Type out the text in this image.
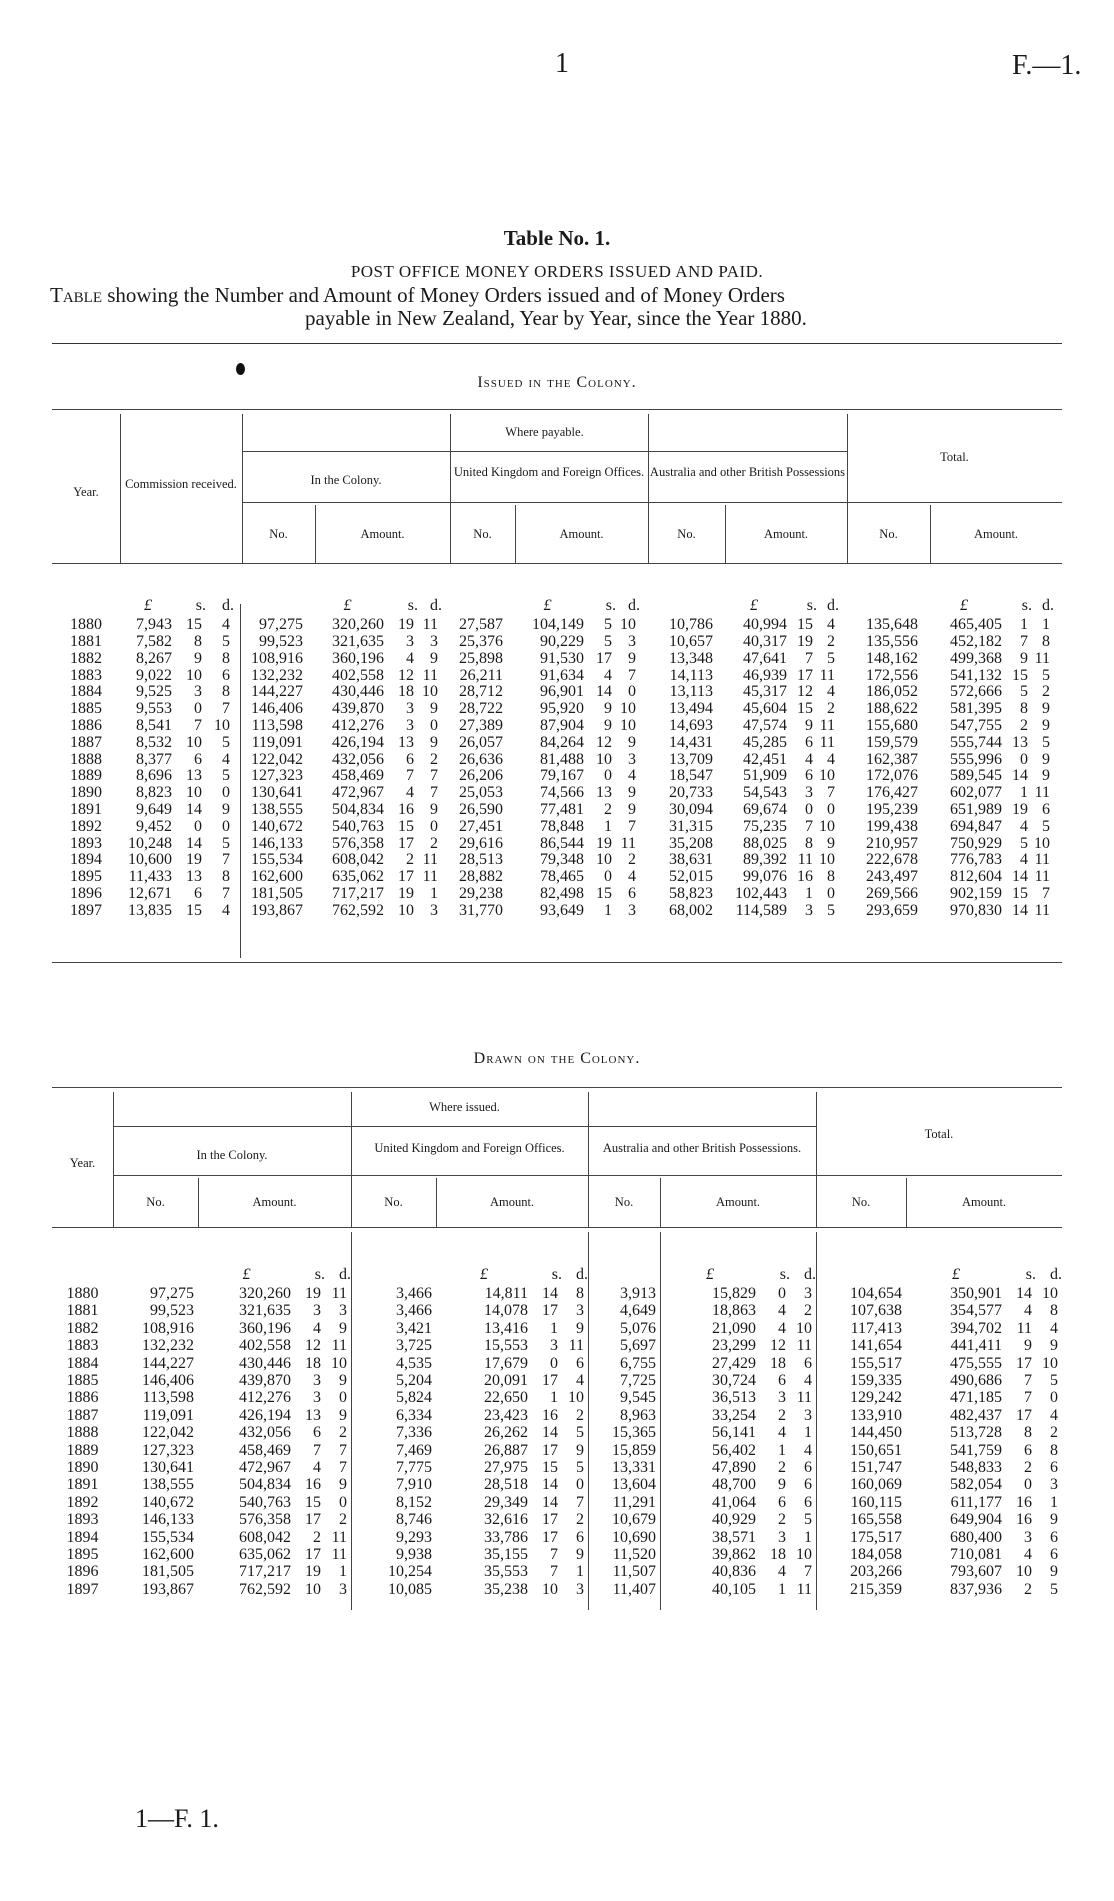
1	F.—1.
Table No. 1.
POST OFFICE MONEY ORDERS ISSUED AND PAID.
Table showing the Number and Amount of Money Orders issued and of Money Orders
payable in New Zealand, Year by Year, since the Year 1880.
Issued in the Colony.
Year.
Commission received.
Where payable.
In the Colony.
United Kingdom and Foreign Offices. Australia and other British Possessions
Total.
No.	Amount.	No.	Amount.	No.	Amount.	No.	Amount.
	£	s.	d.		£	s.	d.		£	s.	d.		£	s.	d.		£	s.	d.
1880	7,943	15	4	97,275	320,260	19	11	27,587	104,149	5	10	10,786	40,994	15	4	135,648	465,405	1	1
1881	7,582	8	5	99,523	321,635	3	3	25,376	90,229	5	3	10,657	40,317	19	2	135,556	452,182	7	8
1882	8,267	9	8	108,916	360,196	4	9	25,898	91,530	17	9	13,348	47,641	7	5	148,162	499,368	9	11
1883	9,022	10	6	132,232	402,558	12	11	26,211	91,634	4	7	14,113	46,939	17	11	172,556	541,132	15	5
1884	9,525	3	8	144,227	430,446	18	10	28,712	96,901	14	0	13,113	45,317	12	4	186,052	572,666	5	2
1885	9,553	0	7	146,406	439,870	3	9	28,722	95,920	9	10	13,494	45,604	15	2	188,622	581,395	8	9
1886	8,541	7	10	113,598	412,276	3	0	27,389	87,904	9	10	14,693	47,574	9	11	155,680	547,755	2	9
1887	8,532	10	5	119,091	426,194	13	9	26,057	84,264	12	9	14,431	45,285	6	11	159,579	555,744	13	5
1888	8,377	6	4	122,042	432,056	6	2	26,636	81,488	10	3	13,709	42,451	4	4	162,387	555,996	0	9
1889	8,696	13	5	127,323	458,469	7	7	26,206	79,167	0	4	18,547	51,909	6	10	172,076	589,545	14	9
1890	8,823	10	0	130,641	472,967	4	7	25,053	74,566	13	9	20,733	54,543	3	7	176,427	602,077	1	11
1891	9,649	14	9	138,555	504,834	16	9	26,590	77,481	2	9	30,094	69,674	0	0	195,239	651,989	19	6
1892	9,452	0	0	140,672	540,763	15	0	27,451	78,848	1	7	31,315	75,235	7	10	199,438	694,847	4	5
1893	10,248	14	5	146,133	576,358	17	2	29,616	86,544	19	11	35,208	88,025	8	9	210,957	750,929	5	10
1894	10,600	19	7	155,534	608,042	2	11	28,513	79,348	10	2	38,631	89,392	11	10	222,678	776,783	4	11
1895	11,433	13	8	162,600	635,062	17	11	28,882	78,465	0	4	52,015	99,076	16	8	243,497	812,604	14	11
1896	12,671	6	7	181,505	717,217	19	1	29,238	82,498	15	6	58,823	102,443	1	0	269,566	902,159	15	7
1897	13,835	15	4	193,867	762,592	10	3	31,770	93,649	1	3	68,002	114,589	3	5	293,659	970,830	14	11
Drawn on the Colony.
Year.
Where issued.
In the Colony.	United Kingdom and Foreign Offices.	Australia and other British Possessions.
Total.
No.	Amount.	No.	Amount.	No.	Amount.	No.	Amount.
		£	s.	d.		£	s.	d.		£	s.	d.		£	s.	d.
1880	97,275	320,260	19	11	3,466	14,811	14	8	3,913	15,829	0	3	104,654	350,901	14	10
1881	99,523	321,635	3	3	3,466	14,078	17	3	4,649	18,863	4	2	107,638	354,577	4	8
1882	108,916	360,196	4	9	3,421	13,416	1	9	5,076	21,090	4	10	117,413	394,702	11	4
1883	132,232	402,558	12	11	3,725	15,553	3	11	5,697	23,299	12	11	141,654	441,411	9	9
1884	144,227	430,446	18	10	4,535	17,679	0	6	6,755	27,429	18	6	155,517	475,555	17	10
1885	146,406	439,870	3	9	5,204	20,091	17	4	7,725	30,724	6	4	159,335	490,686	7	5
1886	113,598	412,276	3	0	5,824	22,650	1	10	9,545	36,513	3	11	129,242	471,185	7	0
1887	119,091	426,194	13	9	6,334	23,423	16	2	8,963	33,254	2	3	133,910	482,437	17	4
1888	122,042	432,056	6	2	7,336	26,262	14	5	15,365	56,141	4	1	144,450	513,728	8	2
1889	127,323	458,469	7	7	7,469	26,887	17	9	15,859	56,402	1	4	150,651	541,759	6	8
1890	130,641	472,967	4	7	7,775	27,975	15	5	13,331	47,890	2	6	151,747	548,833	2	6
1891	138,555	504,834	16	9	7,910	28,518	14	0	13,604	48,700	9	6	160,069	582,054	0	3
1892	140,672	540,763	15	0	8,152	29,349	14	7	11,291	41,064	6	6	160,115	611,177	16	1
1893	146,133	576,358	17	2	8,746	32,616	17	2	10,679	40,929	2	5	165,558	649,904	16	9
1894	155,534	608,042	2	11	9,293	33,786	17	6	10,690	38,571	3	1	175,517	680,400	3	6
1895	162,600	635,062	17	11	9,938	35,155	7	9	11,520	39,862	18	10	184,058	710,081	4	6
1896	181,505	717,217	19	1	10,254	35,553	7	1	11,507	40,836	4	7	203,266	793,607	10	9
1897	193,867	762,592	10	3	10,085	35,238	10	3	11,407	40,105	1	11	215,359	837,936	2	5
1—F. 1.
